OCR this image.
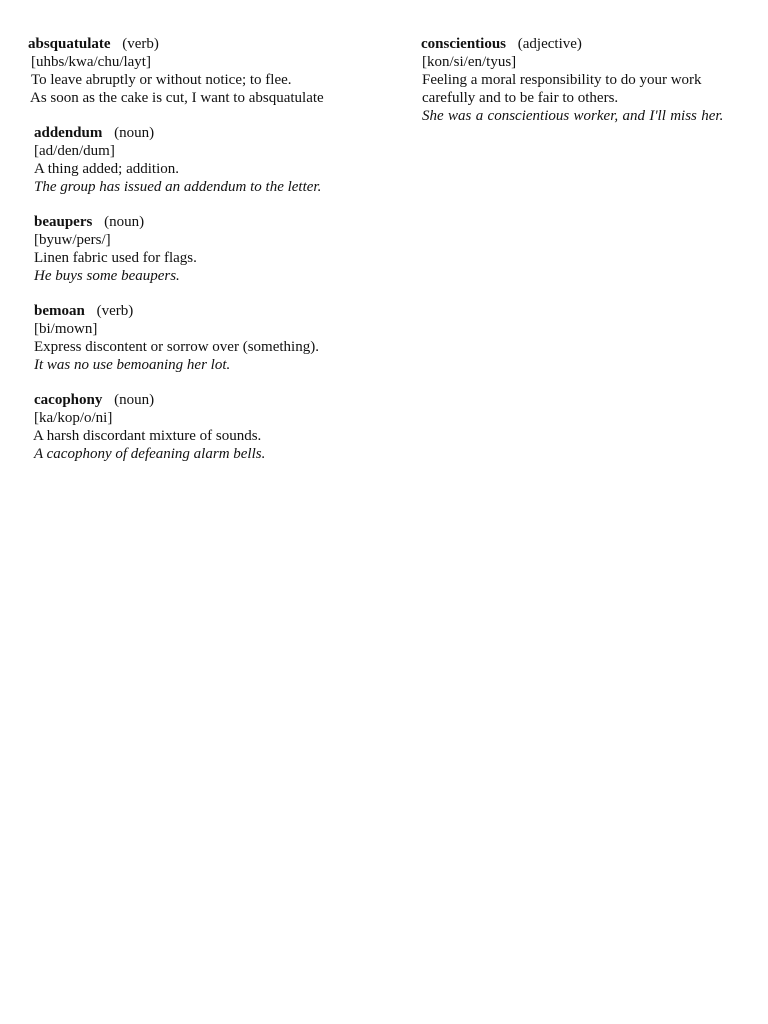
absquatulate (verb)
[uhbs/kwa/chu/layt]
To leave abruptly or without notice; to flee.
As soon as the cake is cut, I want to absquatulate
addendum (noun)
[ad/den/dum]
A thing added; addition.
The group has issued an addendum to the letter.
beaupers (noun)
[byuw/pers/]
Linen fabric used for flags.
He buys some beaupers.
bemoan (verb)
[bi/mown]
Express discontent or sorrow over (something).
It was no use bemoaning her lot.
cacophony (noun)
[ka/kop/o/ni]
A harsh discordant mixture of sounds.
A cacophony of defeaning alarm bells.
conscientious (adjective)
[kon/si/en/tyus]
Feeling a moral responsibility to do your work carefully and to be fair to others.
She was a conscientious worker, and I'll miss her.
